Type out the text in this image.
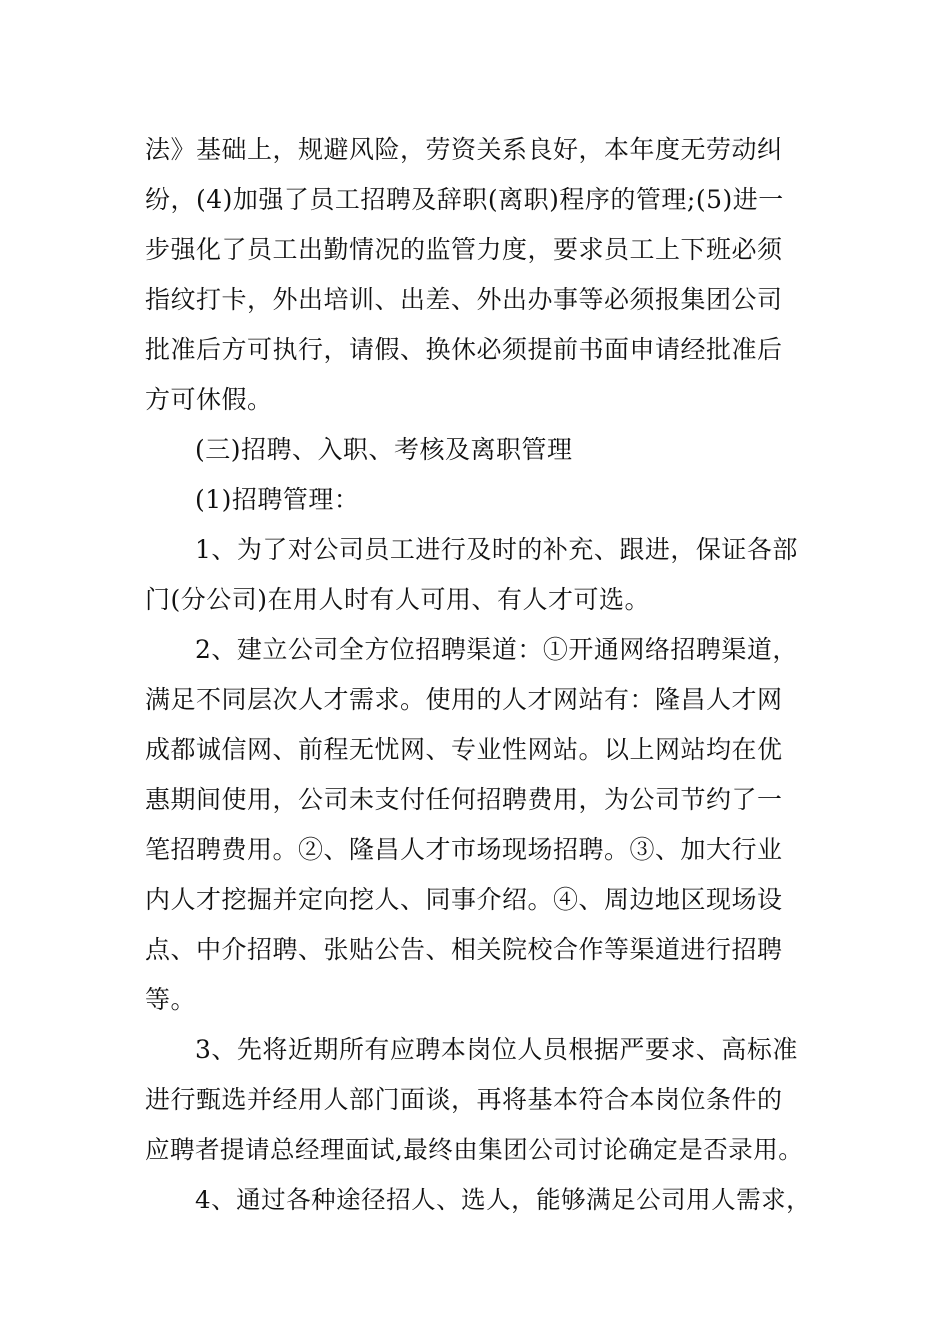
法》基础上，规避风险，劳资关系良好，本年度无劳动纠
纷，(4)加强了员工招聘及辞职(离职)程序的管理;(5)进一
步强化了员工出勤情况的监管力度，要求员工上下班必须
指纹打卡，外出培训、出差、外出办事等必须报集团公司
批准后方可执行，请假、换休必须提前书面申请经批准后
方可休假。
(三)招聘、入职、考核及离职管理
(1)招聘管理：
1、为了对公司员工进行及时的补充、跟进，保证各部
门(分公司)在用人时有人可用、有人才可选。
2、建立公司全方位招聘渠道：①开通网络招聘渠道，
满足不同层次人才需求。使用的人才网站有：隆昌人才网
成都诚信网、前程无忧网、专业性网站。以上网站均在优
惠期间使用，公司未支付任何招聘费用，为公司节约了一
笔招聘费用。②、隆昌人才市场现场招聘。③、加大行业
内人才挖掘并定向挖人、同事介绍。④、周边地区现场设
点、中介招聘、张贴公告、相关院校合作等渠道进行招聘
等。
3、先将近期所有应聘本岗位人员根据严要求、高标准
进行甄选并经用人部门面谈，再将基本符合本岗位条件的
应聘者提请总经理面试,最终由集团公司讨论确定是否录用。
4、通过各种途径招人、选人，能够满足公司用人需求，
